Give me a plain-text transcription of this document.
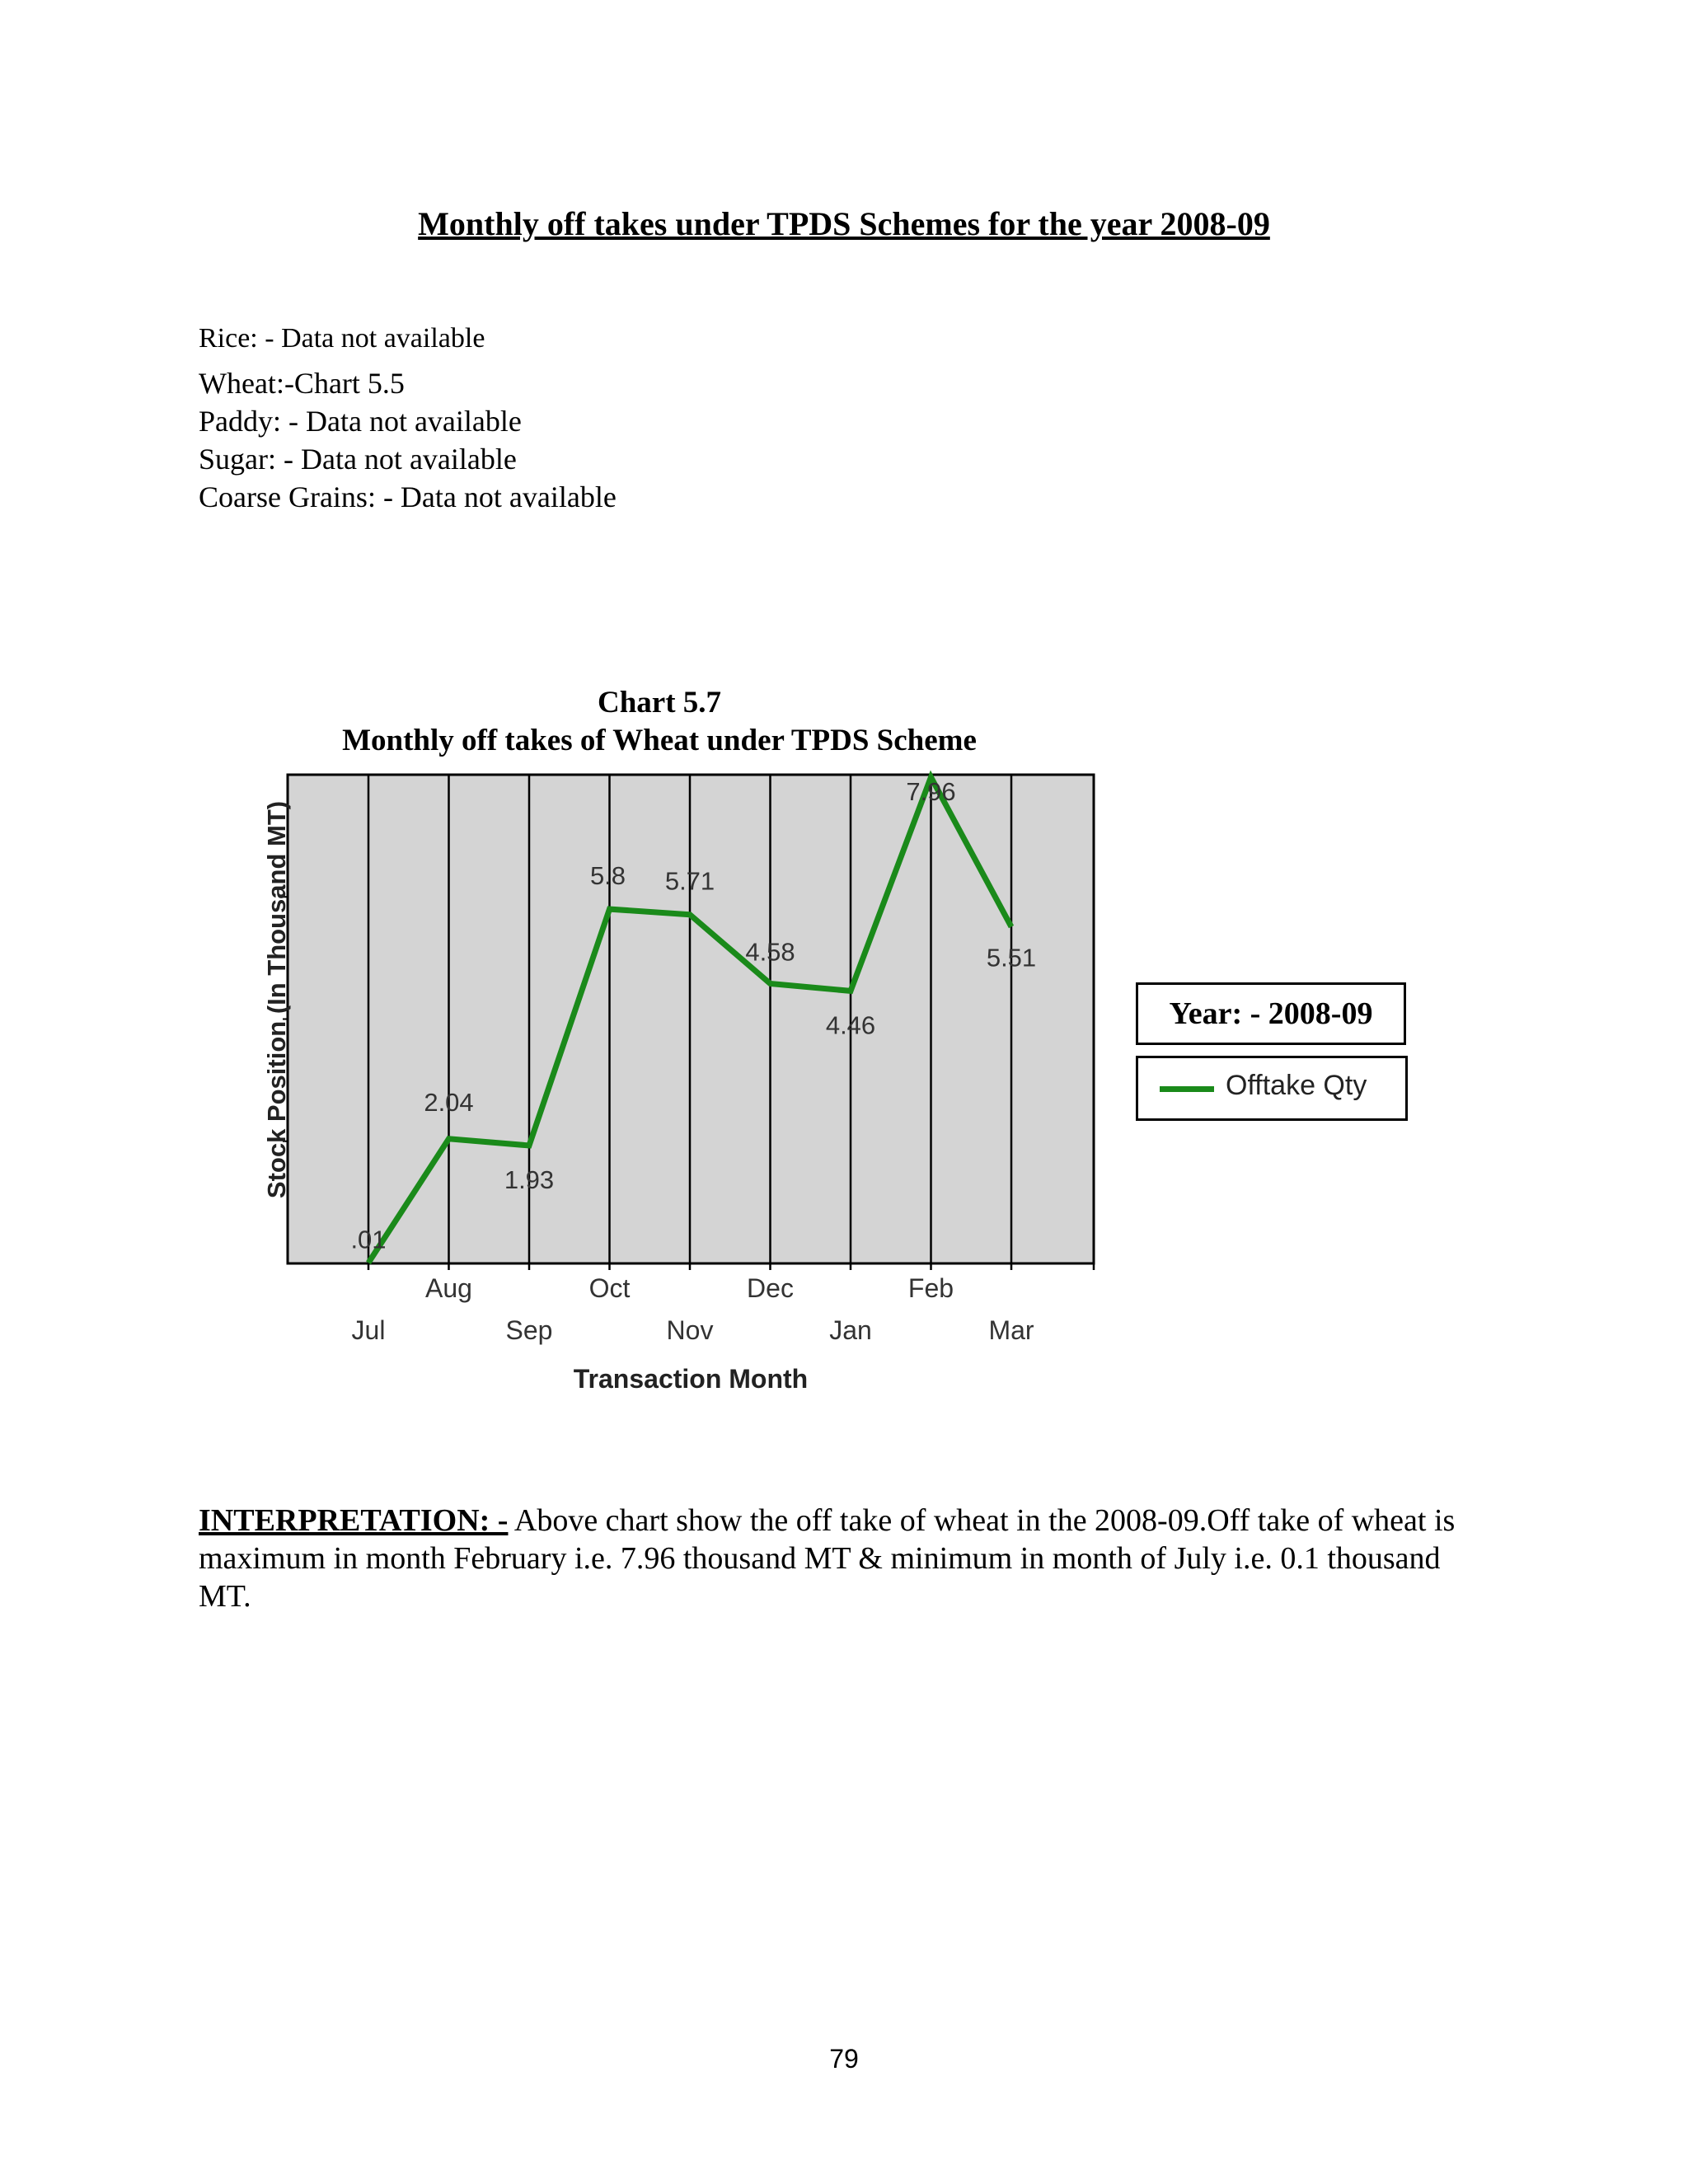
Monthly off takes under TPDS Schemes for the year 2008-09
Rice: - Data not available
Wheat:-Chart 5.5
Paddy: - Data not available
Sugar: - Data not available
Coarse Grains: - Data not available
Chart 5.7
Monthly off takes of Wheat under TPDS Scheme
.01
2.04
1.93
5.8 5.71
4.58
4.46
7.96
5.51
Jul
Aug
Sep
Oct
Nov
Dec
Jan
Feb
Mar
Stock Position (In Thousand MT)
Transaction Month
Year: - 2008-09
Offtake Qty
INTERPRETATION: - Above chart show the off take of wheat in the 2008-09.Off take of wheat is maximum in month February i.e. 7.96 thousand MT & minimum in month of July i.e. 0.1 thousand MT.
79
